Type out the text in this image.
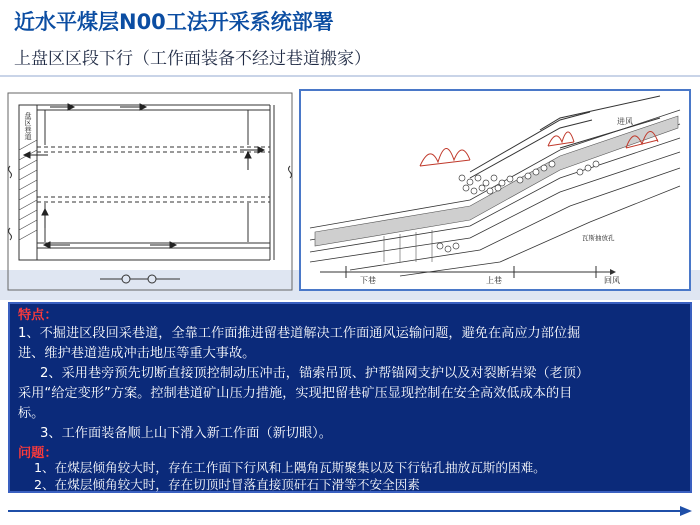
近水平煤层N00工法开采系统部署
上盘区区段下行（工作面装备不经过巷道搬家）
盘区巷道	进风
回风
下巷	上巷
瓦斯抽放孔
特点：
1、不掘进区段回采巷道，全靠工作面推进留巷道解决工作面通风运输问题，避免在高应力部位掘
进、维护巷道造成冲击地压等重大事故。
2、采用巷旁预先切断直接顶控制动压冲击，锚索吊顶、护帮锚网支护以及对裂断岩梁（老顶）
采用“给定变形”方案。控制巷道矿山压力措施，实现把留巷矿压显现控制在安全高效低成本的目
标。
3、工作面装备顺上山下滑入新工作面（新切眼）。
问题：
1、在煤层倾角较大时，存在工作面下行风和上隅角瓦斯聚集以及下行钻孔抽放瓦斯的困难。
2、在煤层倾角较大时，存在切顶时冒落直接顶矸石下滑等不安全因素
